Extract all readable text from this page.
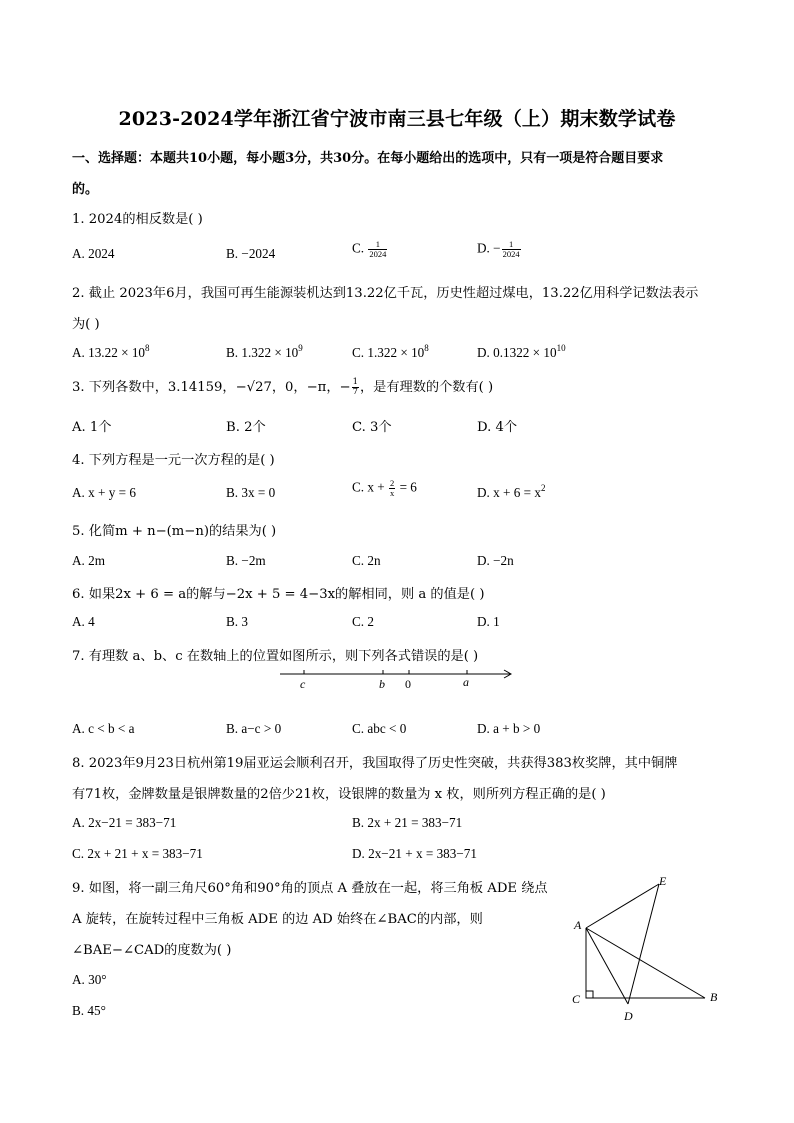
2023-2024学年浙江省宁波市南三县七年级（上）期末数学试卷
一、选择题：本题共10小题，每小题3分，共30分。在每小题给出的选项中，只有一项是符合题目要求
的。
1. 2024的相反数是( )
A. 2024	B. −2024	C. $\frac{1}{2024}$	D. − $\frac{1}{2024}$
2. 截止 2023年6月，我国可再生能源装机达到13.22亿千瓦，历史性超过煤电，13.22亿用科学记数法表示
为( )
A. $13.22 \times 10^8$	B. $1.322 \times 10^9$	C. $1.322 \times 10^8$	D. $0.1322 \times 10^{10}$
3. 下列各数中，3.14159，−√27，0，−π，− $\frac{1}{7}$ ，是有理数的个数有( )
A. 1个	B. 2个	C. 3个	D. 4个
4. 下列方程是一元一次方程的是( )
A. x + y = 6	B. 3x = 0	C. $x + \frac{2}{x} = 6$	D. $x + 6 = x^2$
5. 化简m + n−(m−n)的结果为( )
A. 2m	B. −2m	C. 2n	D. −2n
6. 如果2x + 6 = a的解与−2x + 5 = 4−3x的解相同，则 a 的值是( )
A. 4	B. 3	C. 2	D. 1
7. 有理数 a、b、c 在数轴上的位置如图所示，则下列各式错误的是( )
c	b 0	a
A. c < b < a	B. a−c > 0	C. abc < 0	D. a + b > 0
8. 2023年9月23日杭州第19届亚运会顺利召开，我国取得了历史性突破，共获得383枚奖牌，其中铜牌
有71枚，金牌数量是银牌数量的2倍少21枚，设银牌的数量为 x 枚，则所列方程正确的是( )
A. 2x−21 = 383−71	B. 2x + 21 = 383−71
C. 2x + 21 + x = 383−71	D. 2x−21 + x = 383−71
9. 如图，将一副三角尺60°角和90°角的顶点 A 叠放在一起，将三角板 ADE 绕点
A 旋转，在旋转过程中三角板 ADE 的边 AD 始终在∠BAC的内部，则
∠BAE−∠CAD的度数为( )
A. 30°
B. 45°
A
B
C
D
E
